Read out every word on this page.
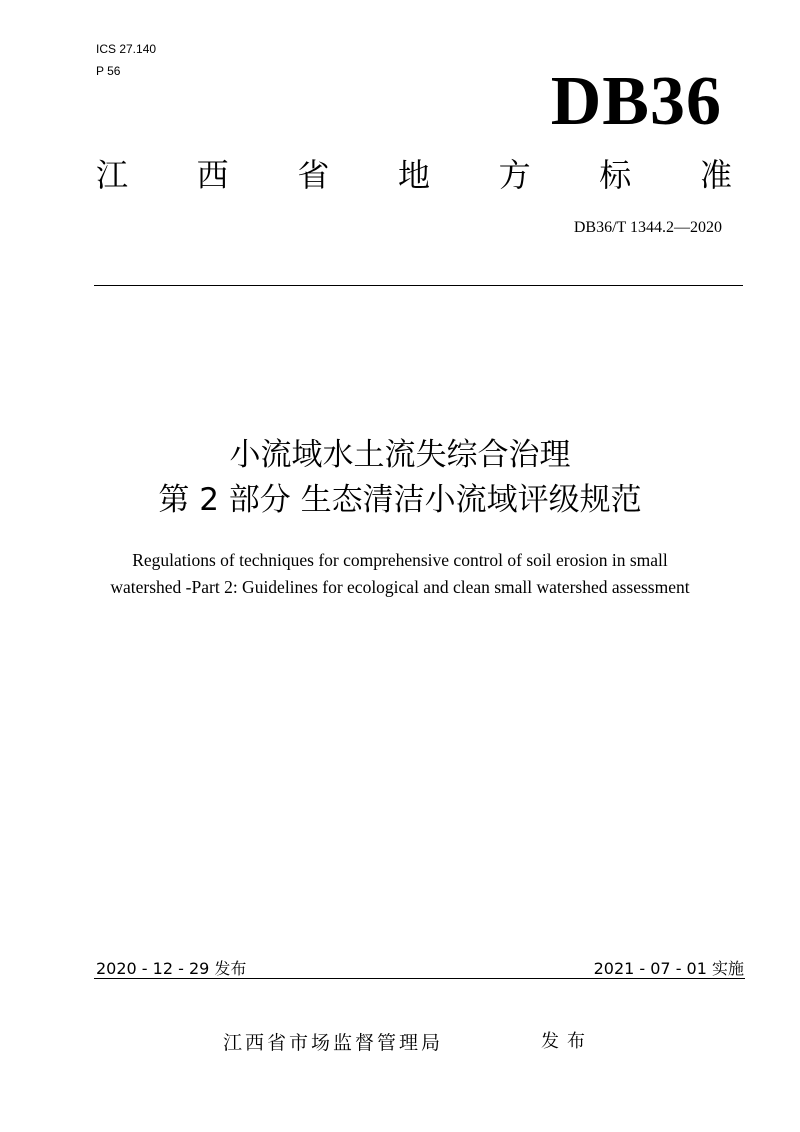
ICS 27.140
P 56	DB36
江 西 省 地 方 标 准
DB36/T 1344.2—2020
小流域水土流失综合治理
第 2 部分 生态清洁小流域评级规范
Regulations of techniques for comprehensive control of soil erosion in small
watershed -Part 2: Guidelines for ecological and clean small watershed assessment
2020 - 12 - 29 发布	2021 - 07 - 01 实施
江西省市场监督管理局	发布
